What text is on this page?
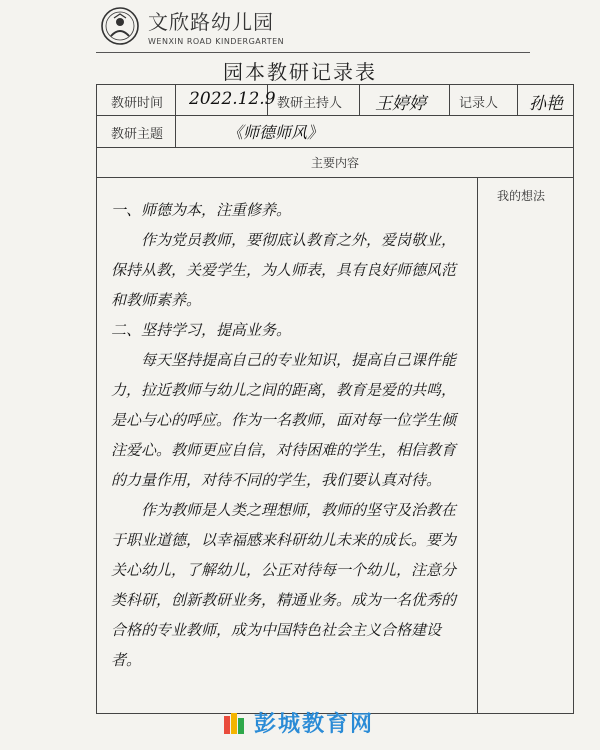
文欣路幼儿园
WENXIN ROAD KINDERGARTEN
园本教研记录表
教研时间 2022.12.9 教研主持人 王婷婷	记录人 孙艳
教研主题	《师德师风》
主要内容
我的想法

一、师德为本，注重修养。

作为党员教师，要彻底认教育之外，爱岗敬业，保持从教，关爱学生，为人师表，具有良好师德风范和教师素养。

二、坚持学习，提高业务。

每天坚持提高自己的专业知识，提高自己课件能力，拉近教师与幼儿之间的距离，教育是爱的共鸣，

是心与心的呼应。作为一名教师，面对每一位学生倾注爱心。教师更应自信，对待困难的学生，相信教育的力量作用，对待不同的学生，我们要认真对待。

作为教师是人类之理想师，教师的坚守及治教在于职业道德，以幸福感来科研幼儿未来的成长。要为关心幼儿，了解幼儿，公正对待每一个幼儿，注意分类科研，创新教研业务，精通业务。成为一名优秀的合格的专业教师，成为中国特色社会主义合格建设者。

彭城教育网
